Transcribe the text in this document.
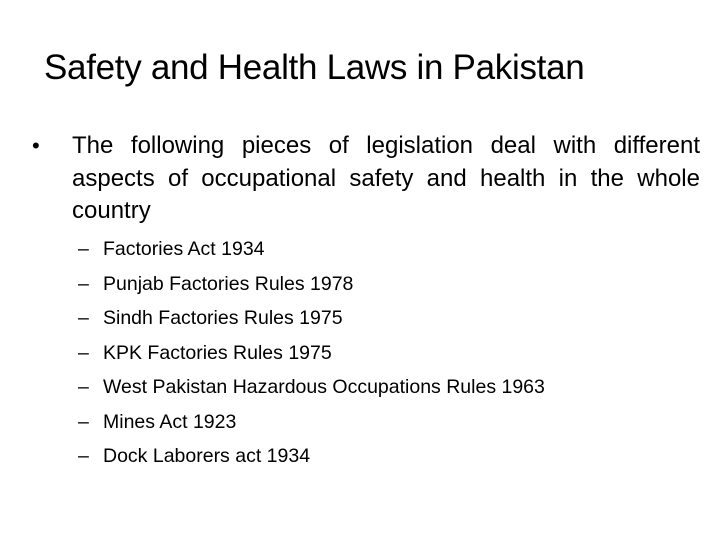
Safety and Health Laws in Pakistan
• The following pieces of legislation deal with different aspects of occupational safety and health in the whole country
– Factories Act 1934
– Punjab Factories Rules 1978
– Sindh Factories Rules 1975
– KPK Factories Rules 1975
– West Pakistan Hazardous Occupations Rules 1963
– Mines Act 1923
– Dock Laborers act 1934
